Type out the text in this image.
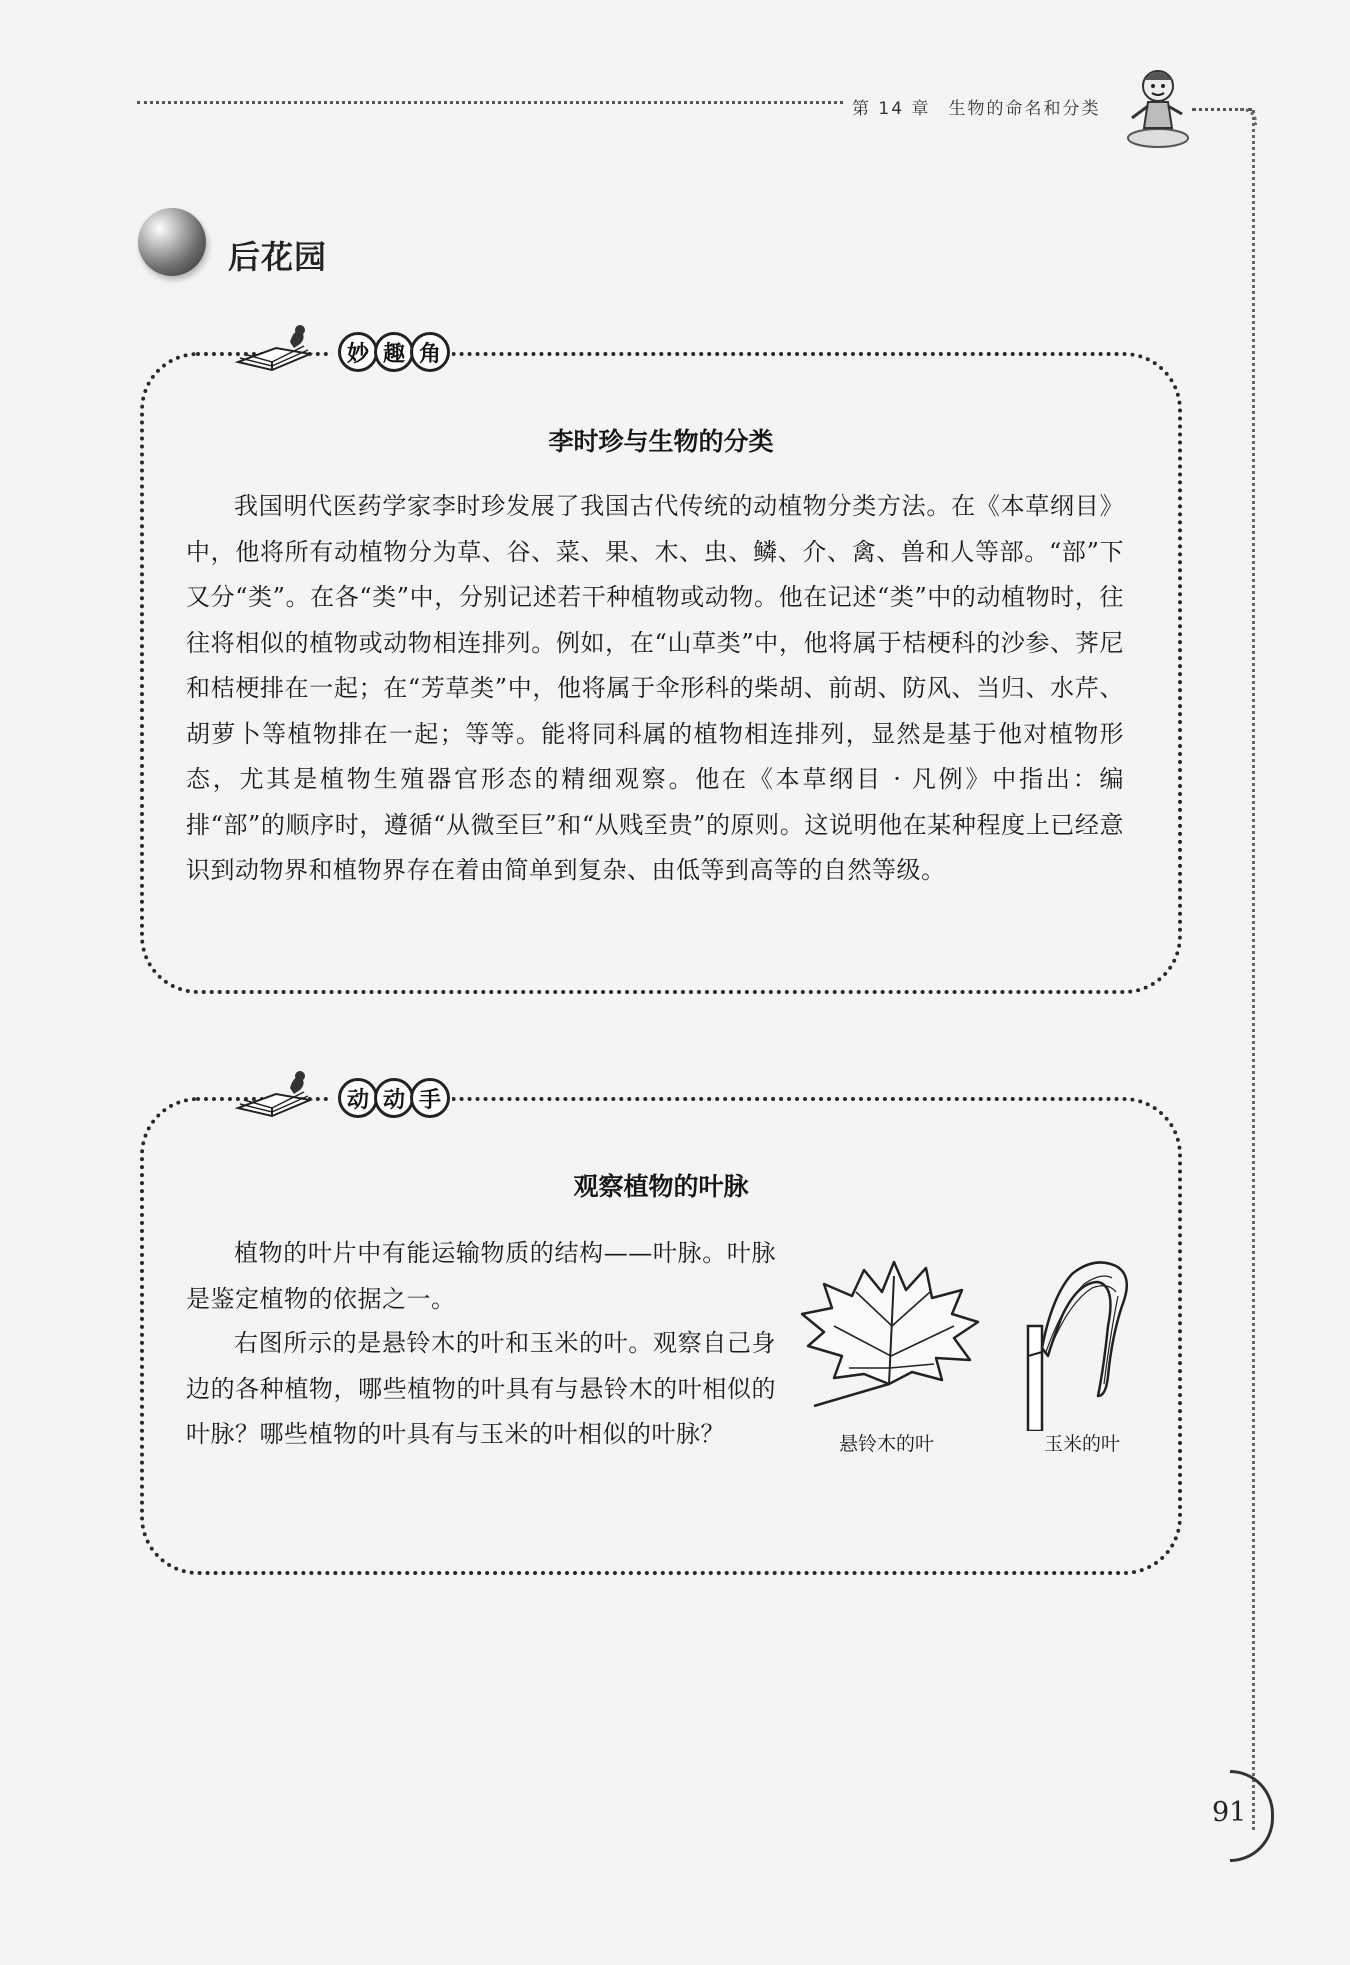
第 14 章 生物的命名和分类
后花园
李时珍与生物的分类
我国明代医药学家李时珍发展了我国古代传统的动植物分类方法。在《本草纲目》中，他将所有动植物分为草、谷、菜、果、木、虫、鳞、介、禽、兽和人等部。“部”下又分“类”。在各“类”中，分别记述若干种植物或动物。他在记述“类”中的动植物时，往往将相似的植物或动物相连排列。例如，在“山草类”中，他将属于桔梗科的沙参、荠尼和桔梗排在一起；在“芳草类”中，他将属于伞形科的柴胡、前胡、防风、当归、水芹、胡萝卜等植物排在一起；等等。能将同科属的植物相连排列，显然是基于他对植物形态，尤其是植物生殖器官形态的精细观察。他在《本草纲目 · 凡例》中指出：编排“部”的顺序时，遵循“从微至巨”和“从贱至贵”的原则。这说明他在某种程度上已经意识到动物界和植物界存在着由简单到复杂、由低等到高等的自然等级。
妙 趣 角
观察植物的叶脉
植物的叶片中有能运输物质的结构——叶脉。叶脉是鉴定植物的依据之一。
右图所示的是悬铃木的叶和玉米的叶。观察自己身边的各种植物，哪些植物的叶具有与悬铃木的叶相似的叶脉？哪些植物的叶具有与玉米的叶相似的叶脉？	悬铃木的叶	玉米的叶
动 动 手
91
